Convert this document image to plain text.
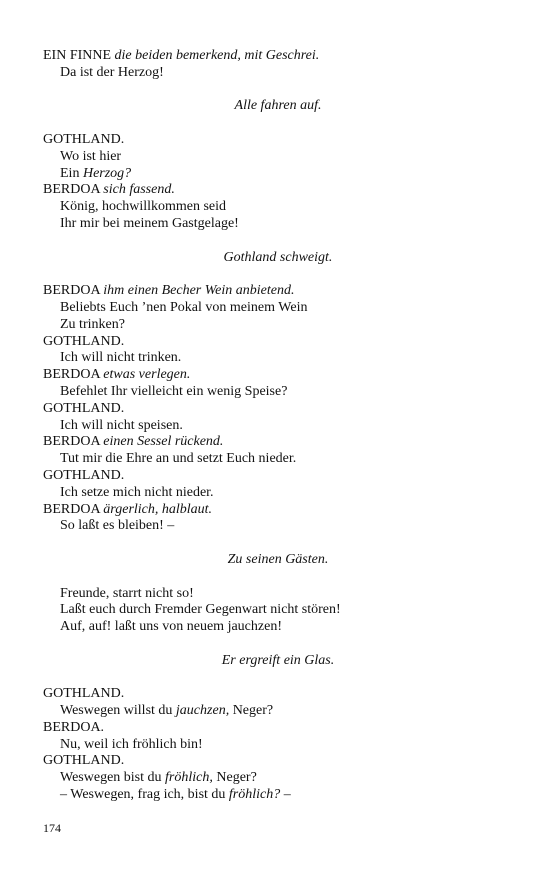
EIN FINNE die beiden bemerkend, mit Geschrei.
Da ist der Herzog!
Alle fahren auf.
GOTHLAND.
Wo ist hier
Ein Herzog?
BERDOA sich fassend.
König, hochwillkommen seid
Ihr mir bei meinem Gastgelage!
Gothland schweigt.
BERDOA ihm einen Becher Wein anbietend.
Beliebts Euch ’nen Pokal von meinem Wein
Zu trinken?
GOTHLAND.
Ich will nicht trinken.
BERDOA etwas verlegen.
Befehlet Ihr vielleicht ein wenig Speise?
GOTHLAND.
Ich will nicht speisen.
BERDOA einen Sessel rückend.
Tut mir die Ehre an und setzt Euch nieder.
GOTHLAND.
Ich setze mich nicht nieder.
BERDOA ärgerlich, halblaut.
So laßt es bleiben! –
Zu seinen Gästen.
Freunde, starrt nicht so!
Laßt euch durch Fremder Gegenwart nicht stören!
Auf, auf! laßt uns von neuem jauchzen!
Er ergreift ein Glas.
GOTHLAND.
Weswegen willst du jauchzen, Neger?
BERDOA.
Nu, weil ich fröhlich bin!
GOTHLAND.
Weswegen bist du fröhlich, Neger?
– Weswegen, frag ich, bist du fröhlich? –
174
